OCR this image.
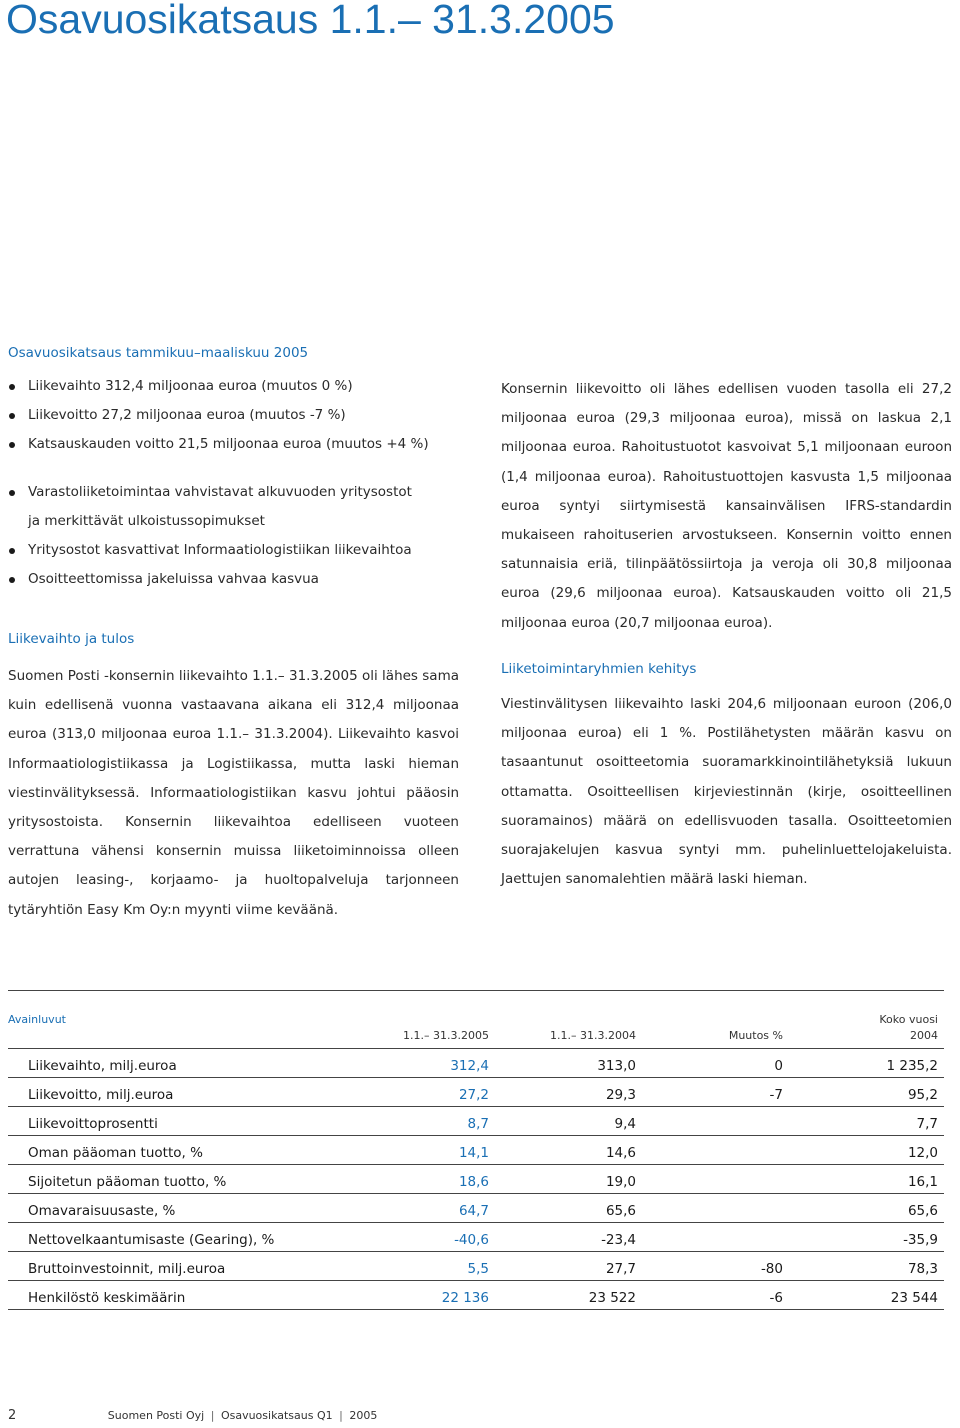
Osavuosikatsaus 1.1.– 31.3.2005
Osavuosikatsaus tammikuu–maaliskuu 2005
Liikevaihto 312,4 miljoonaa euroa (muutos 0 %)
Liikevoitto 27,2 miljoonaa euroa (muutos -7 %)
Katsauskauden voitto 21,5 miljoonaa euroa (muutos +4 %)
Varastoliiketoimintaa vahvistavat alkuvuoden yritysostot
ja merkittävät ulkoistussopimukset
Yritysostot kasvattivat Informaatiologistiikan liikevaihtoa
Osoitteettomissa jakeluissa vahvaa kasvua
Liikevaihto ja tulos

Suomen Posti -konsernin liikevaihto 1.1.– 31.3.2005 oli lähes sama kuin edellisenä vuonna vastaavana aikana eli 312,4 miljoonaa euroa (313,0 miljoonaa euroa 1.1.– 31.3.2004). Liikevaihto kasvoi Informaatiologistiikassa ja Logistiikassa, mutta laski hieman viestinvälityksessä. Informaatiologistiikan kasvu johtui pääosin yritysostoista. Konsernin liikevaihtoa edelliseen vuoteen verrattuna vähensi konsernin muissa liiketoiminnoissa olleen autojen leasing-, korjaamo- ja huoltopalveluja tarjonneen tytäryhtiön Easy Km Oy:n myynti viime keväänä.

Konsernin liikevoitto oli lähes edellisen vuoden tasolla eli 27,2 miljoonaa euroa (29,3 miljoonaa euroa), missä on laskua 2,1 miljoonaa euroa. Rahoitustuotot kasvoivat 5,1 miljoonaan euroon (1,4 miljoonaa euroa). Rahoitustuottojen kasvusta 1,5 miljoonaa euroa syntyi siirtymisestä kansainvälisen IFRS-standardin mukaiseen rahoituserien arvostukseen. Konsernin voitto ennen satunnaisia eriä, tilinpäätössiirtoja ja veroja oli 30,8 miljoonaa euroa (29,6 miljoonaa euroa). Katsauskauden voitto oli 21,5 miljoonaa euroa (20,7 miljoonaa euroa).

Liiketoimintaryhmien kehitys

Viestinvälitysen liikevaihto laski 204,6 miljoonaan euroon (206,0 miljoonaa euroa) eli 1 %. Postilähetysten määrän kasvu on tasaantunut osoitteetomia suoramarkkinointilähetyksiä lukuun ottamatta. Osoitteellisen kirjeviestinnän (kirje, osoitteellinen suoramainos) määrä on edellisvuoden tasalla. Osoitteetomien suorajakelujen kasvua syntyi mm. puhelinluettelojakeluista. Jaettujen sanomalehtien määrä laski hieman.

Avainluvut	1.1.– 31.3.2005	1.1.– 31.3.2004	Muutos %	Koko vuosi
2004
Liikevaihto, milj.euroa	312,4	313,0	0	1 235,2
Liikevoitto, milj.euroa	27,2	29,3	-7	95,2
Liikevoittoprosentti	8,7	9,4		7,7
Oman pääoman tuotto, %	14,1	14,6		12,0
Sijoitetun pääoman tuotto, %	18,6	19,0		16,1
Omavaraisuusaste, %	64,7	65,6		65,6
Nettovelkaantumisaste (Gearing), %	-40,6	-23,4		-35,9
Bruttoinvestoinnit, milj.euroa	5,5	27,7	-80	78,3
Henkilöstö keskimäärin	22 136	23 522	-6	23 544
2	Suomen Posti Oyj | Osavuosikatsaus Q1 | 2005
